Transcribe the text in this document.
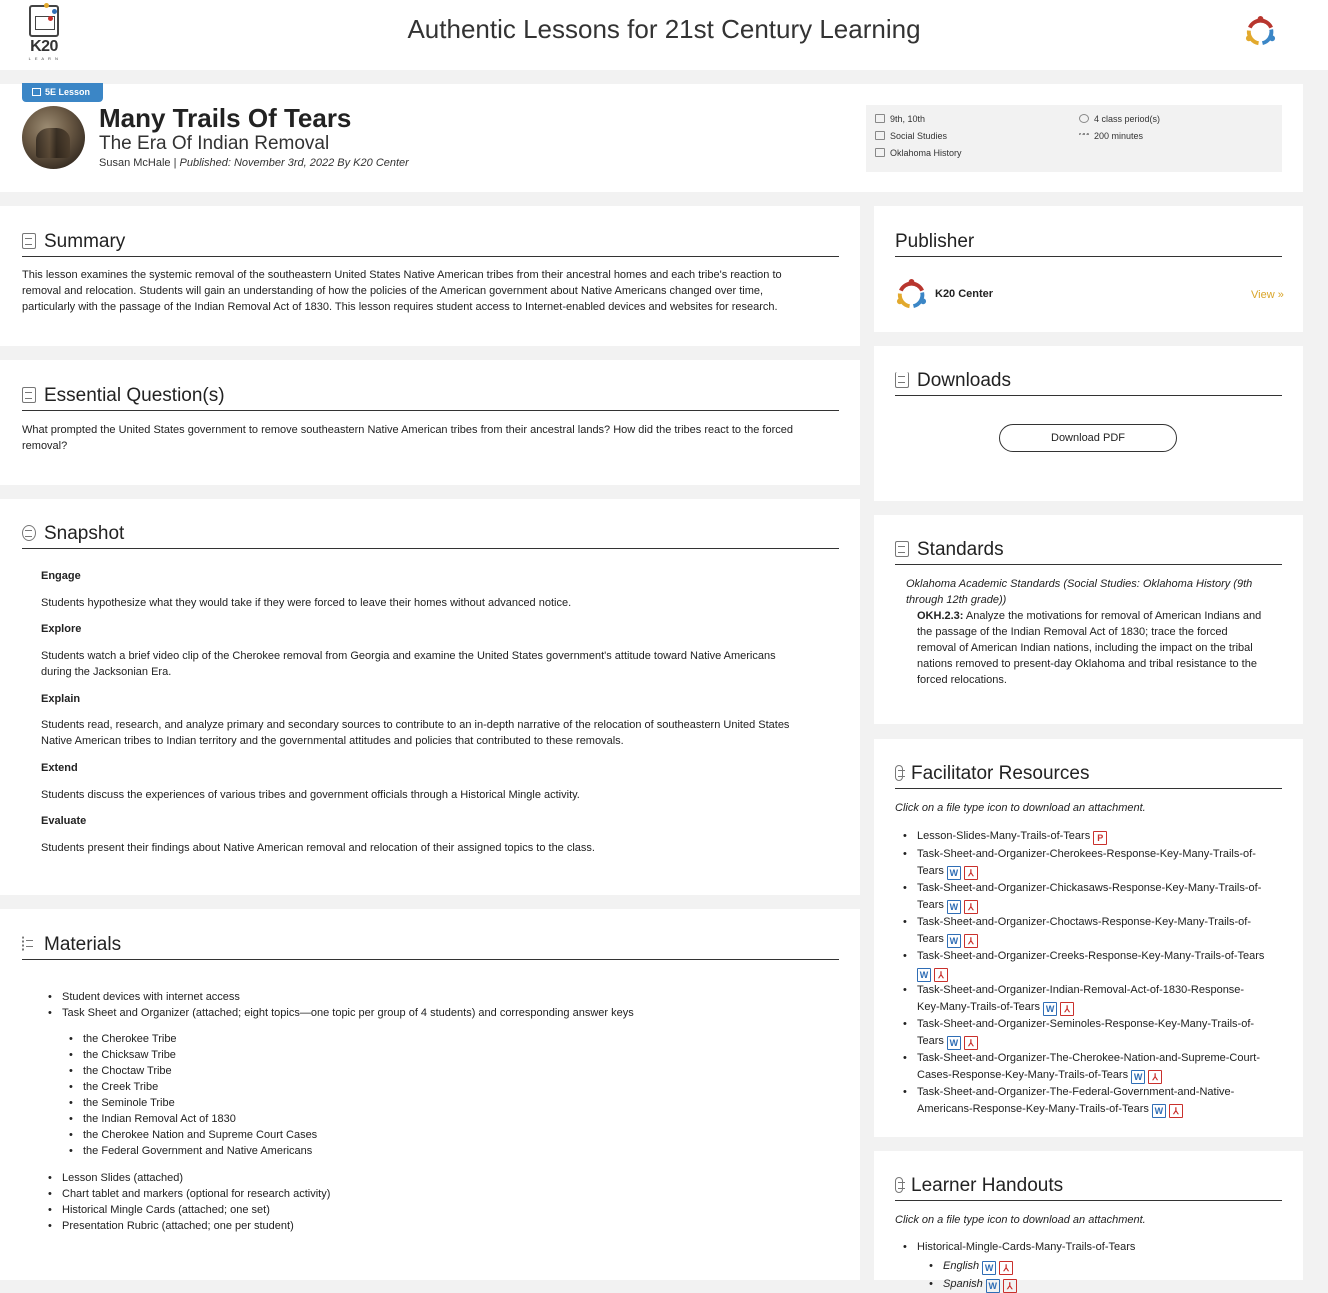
K20
L E A R N
Authentic Lessons for 21st Century Learning
5E Lesson
Many Trails Of Tears
The Era Of Indian Removal
Susan McHale | Published: November 3rd, 2022 By K20 Center
9th, 10th
Social Studies
Oklahoma History
4 class period(s)
200 minutes
Summary
This lesson examines the systemic removal of the southeastern United States Native American tribes from their ancestral homes and each tribe's reaction to
removal and relocation. Students will gain an understanding of how the policies of the American government about Native Americans changed over time,
particularly with the passage of the Indian Removal Act of 1830. This lesson requires student access to Internet-enabled devices and websites for research.
Essential Question(s)
What prompted the United States government to remove southeastern Native American tribes from their ancestral lands? How did the tribes react to the forced
removal?
Snapshot
Engage
Students hypothesize what they would take if they were forced to leave their homes without advanced notice.
Explore
Students watch a brief video clip of the Cherokee removal from Georgia and examine the United States government's attitude toward Native Americans
during the Jacksonian Era.
Explain
Students read, research, and analyze primary and secondary sources to contribute to an in-depth narrative of the relocation of southeastern United States
Native American tribes to Indian territory and the governmental attitudes and policies that contributed to these removals.
Extend
Students discuss the experiences of various tribes and government officials through a Historical Mingle activity.
Evaluate
Students present their findings about Native American removal and relocation of their assigned topics to the class.
Materials
• Student devices with internet access
• Task Sheet and Organizer (attached; eight topics—one topic per group of 4 students) and corresponding answer keys
• the Cherokee Tribe
• the Chicksaw Tribe
• the Choctaw Tribe
• the Creek Tribe
• the Seminole Tribe
• the Indian Removal Act of 1830
• the Cherokee Nation and Supreme Court Cases
• the Federal Government and Native Americans
• Lesson Slides (attached)
• Chart tablet and markers (optional for research activity)
• Historical Mingle Cards (attached; one set)
• Presentation Rubric (attached; one per student)
Publisher
K20 Center	View »
Downloads
Download PDF
Standards
Oklahoma Academic Standards (Social Studies: Oklahoma History (9th
through 12th grade))
OKH.2.3: Analyze the motivations for removal of American Indians and
the passage of the Indian Removal Act of 1830; trace the forced
removal of American Indian nations, including the impact on the tribal
nations removed to present-day Oklahoma and tribal resistance to the
forced relocations.
Facilitator Resources
Click on a file type icon to download an attachment.
• Lesson-Slides-Many-Trails-of-Tears P
• Task-Sheet-and-Organizer-Cherokees-Response-Key-Many-Trails-of-
Tears W ⅄
• Task-Sheet-and-Organizer-Chickasaws-Response-Key-Many-Trails-of-
Tears W ⅄
• Task-Sheet-and-Organizer-Choctaws-Response-Key-Many-Trails-of-
Tears W ⅄
• Task-Sheet-and-Organizer-Creeks-Response-Key-Many-Trails-of-Tears
W ⅄
• Task-Sheet-and-Organizer-Indian-Removal-Act-of-1830-Response-
Key-Many-Trails-of-Tears W ⅄
• Task-Sheet-and-Organizer-Seminoles-Response-Key-Many-Trails-of-
Tears W ⅄
• Task-Sheet-and-Organizer-The-Cherokee-Nation-and-Supreme-Court-
Cases-Response-Key-Many-Trails-of-Tears W ⅄
• Task-Sheet-and-Organizer-The-Federal-Government-and-Native-
Americans-Response-Key-Many-Trails-of-Tears W ⅄
Learner Handouts
Click on a file type icon to download an attachment.
• Historical-Mingle-Cards-Many-Trails-of-Tears
• English W ⅄
• Spanish W ⅄
